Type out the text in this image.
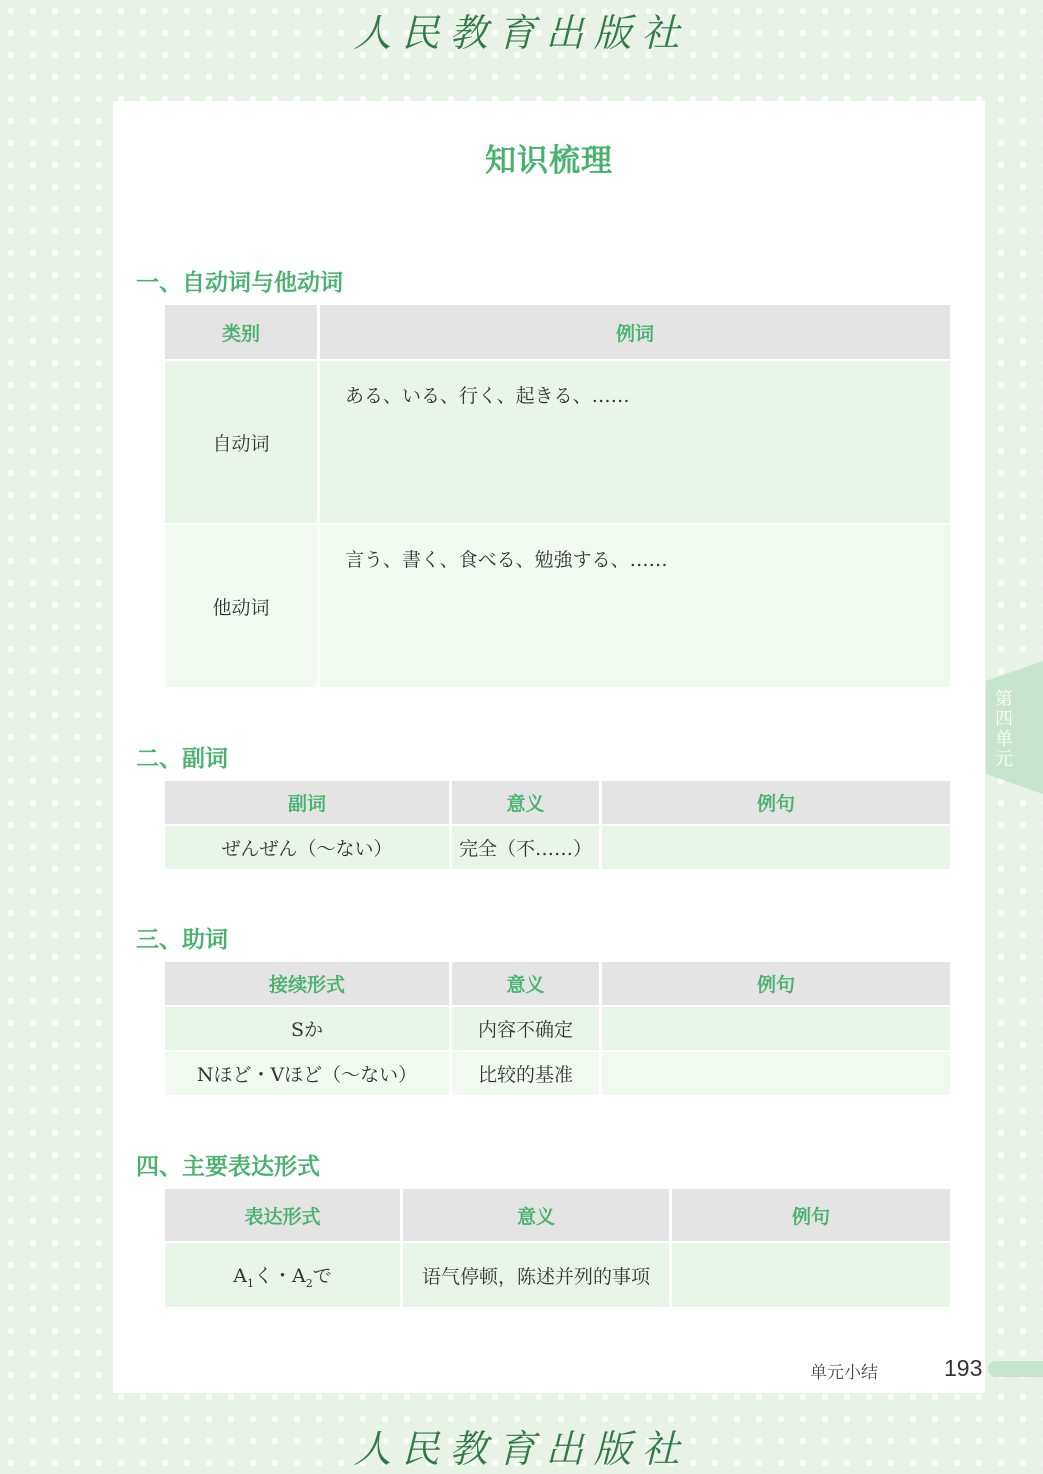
人民教育出版社
知识梳理
一、自动词与他动词
类别	例词
自动词	ある、いる、行く、起きる、……
他动词	言う、書く、食べる、勉強する、……
二、副词
副词	意义	例句
ぜんぜん（～ない）	完全（不……）	
三、助词
接续形式	意义	例句
Sか	内容不确定	
Nほど・Vほど（～ない）	比较的基准	
四、主要表达形式
表达形式	意义	例句
$A_1$く・$A_2$で	语气停顿，陈述并列的事项	
第四单元
单元小结	193
人民教育出版社
